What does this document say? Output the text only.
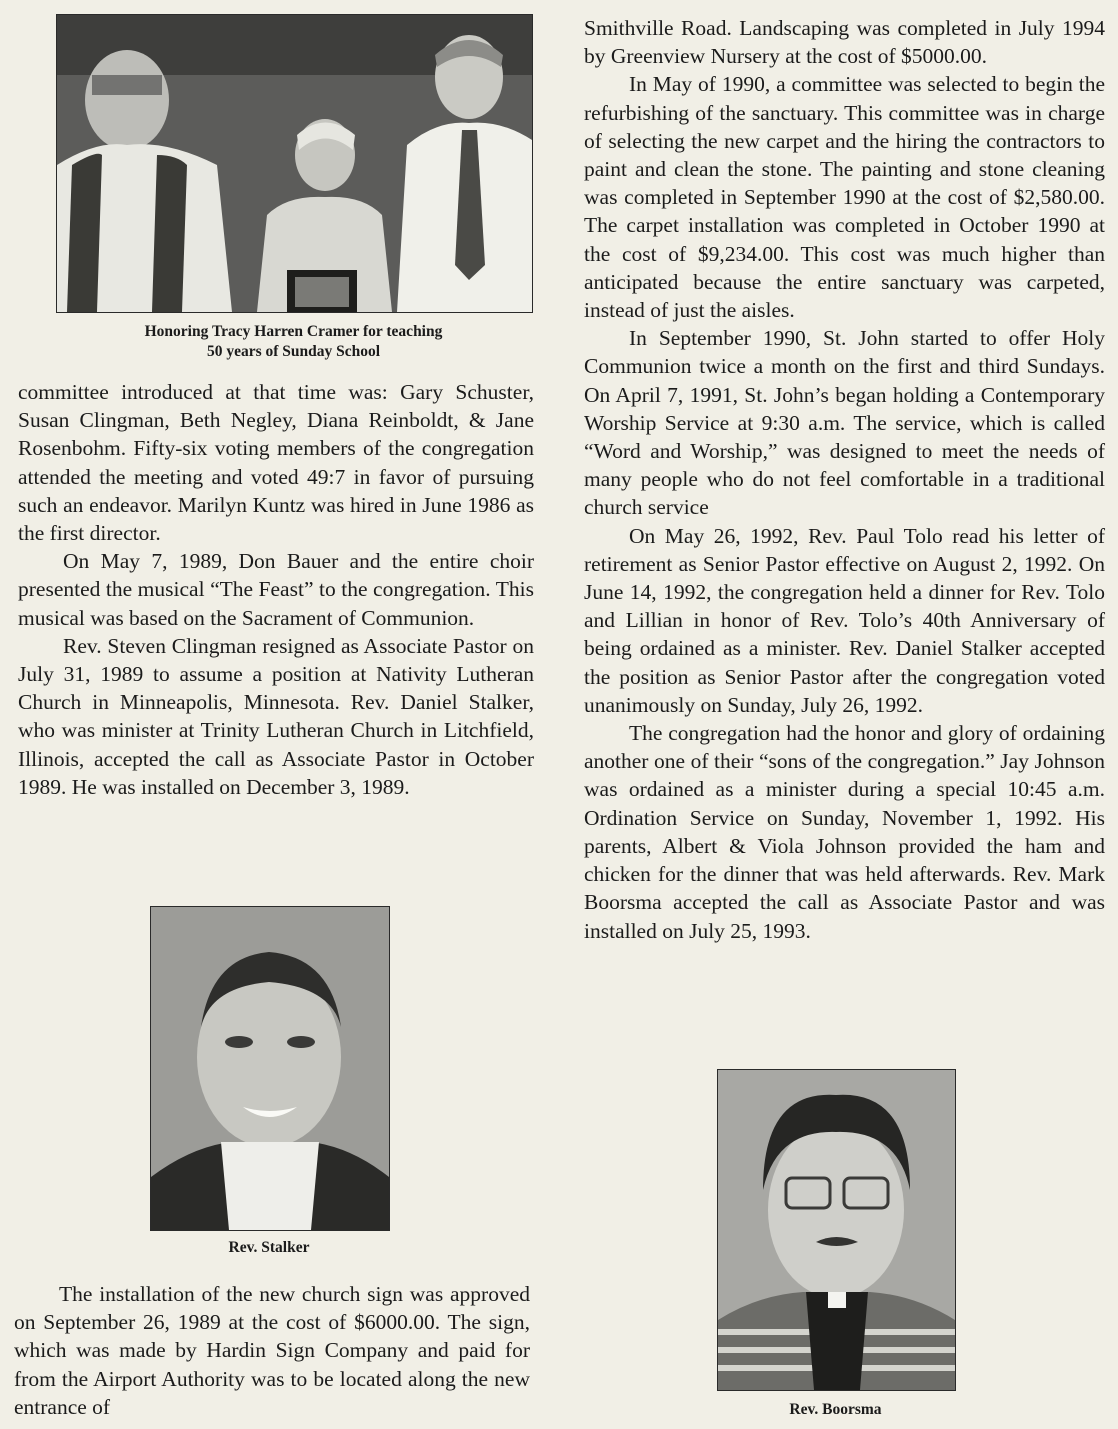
Honoring Tracy Harren Cramer for teaching
50 years of Sunday School

committee introduced at that time was: Gary Schuster, Susan Clingman, Beth Negley, Diana Reinboldt, & Jane Rosenbohm. Fifty-six voting members of the congregation attended the meeting and voted 49:7 in favor of pursuing such an endeavor. Marilyn Kuntz was hired in June 1986 as the first director.

On May 7, 1989, Don Bauer and the entire choir presented the musical “The Feast” to the congregation. This musical was based on the Sacrament of Communion.

Rev. Steven Clingman resigned as Associate Pastor on July 31, 1989 to assume a position at Nativity Lutheran Church in Minneapolis, Minnesota. Rev. Daniel Stalker, who was minister at Trinity Lutheran Church in Litchfield, Illinois, accepted the call as Associate Pastor in October 1989. He was installed on December 3, 1989.

Rev. Stalker

The installation of the new church sign was approved on September 26, 1989 at the cost of $6000.00. The sign, which was made by Hardin Sign Company and paid for from the Airport Authority was to be located along the new entrance of

Smithville Road. Landscaping was completed in July 1994 by Greenview Nursery at the cost of $5000.00.

In May of 1990, a committee was selected to begin the refurbishing of the sanctuary. This committee was in charge of selecting the new carpet and the hiring the contractors to paint and clean the stone. The painting and stone cleaning was completed in September 1990 at the cost of $2,580.00. The carpet installation was completed in October 1990 at the cost of $9,234.00. This cost was much higher than anticipated because the entire sanctuary was carpeted, instead of just the aisles.

In September 1990, St. John started to offer Holy Communion twice a month on the first and third Sundays. On April 7, 1991, St. John’s began holding a Contemporary Worship Service at 9:30 a.m. The service, which is called “Word and Worship,” was designed to meet the needs of many people who do not feel comfortable in a traditional church service

On May 26, 1992, Rev. Paul Tolo read his letter of retirement as Senior Pastor effective on August 2, 1992. On June 14, 1992, the congregation held a dinner for Rev. Tolo and Lillian in honor of Rev. Tolo’s 40th Anniversary of being ordained as a minister. Rev. Daniel Stalker accepted the position as Senior Pastor after the congregation voted unanimously on Sunday, July 26, 1992.

The congregation had the honor and glory of ordaining another one of their “sons of the congregation.” Jay Johnson was ordained as a minister during a special 10:45 a.m. Ordination Service on Sunday, November 1, 1992. His parents, Albert & Viola Johnson provided the ham and chicken for the dinner that was held afterwards. Rev. Mark Boorsma accepted the call as Associate Pastor and was installed on July 25, 1993.

Rev. Boorsma
